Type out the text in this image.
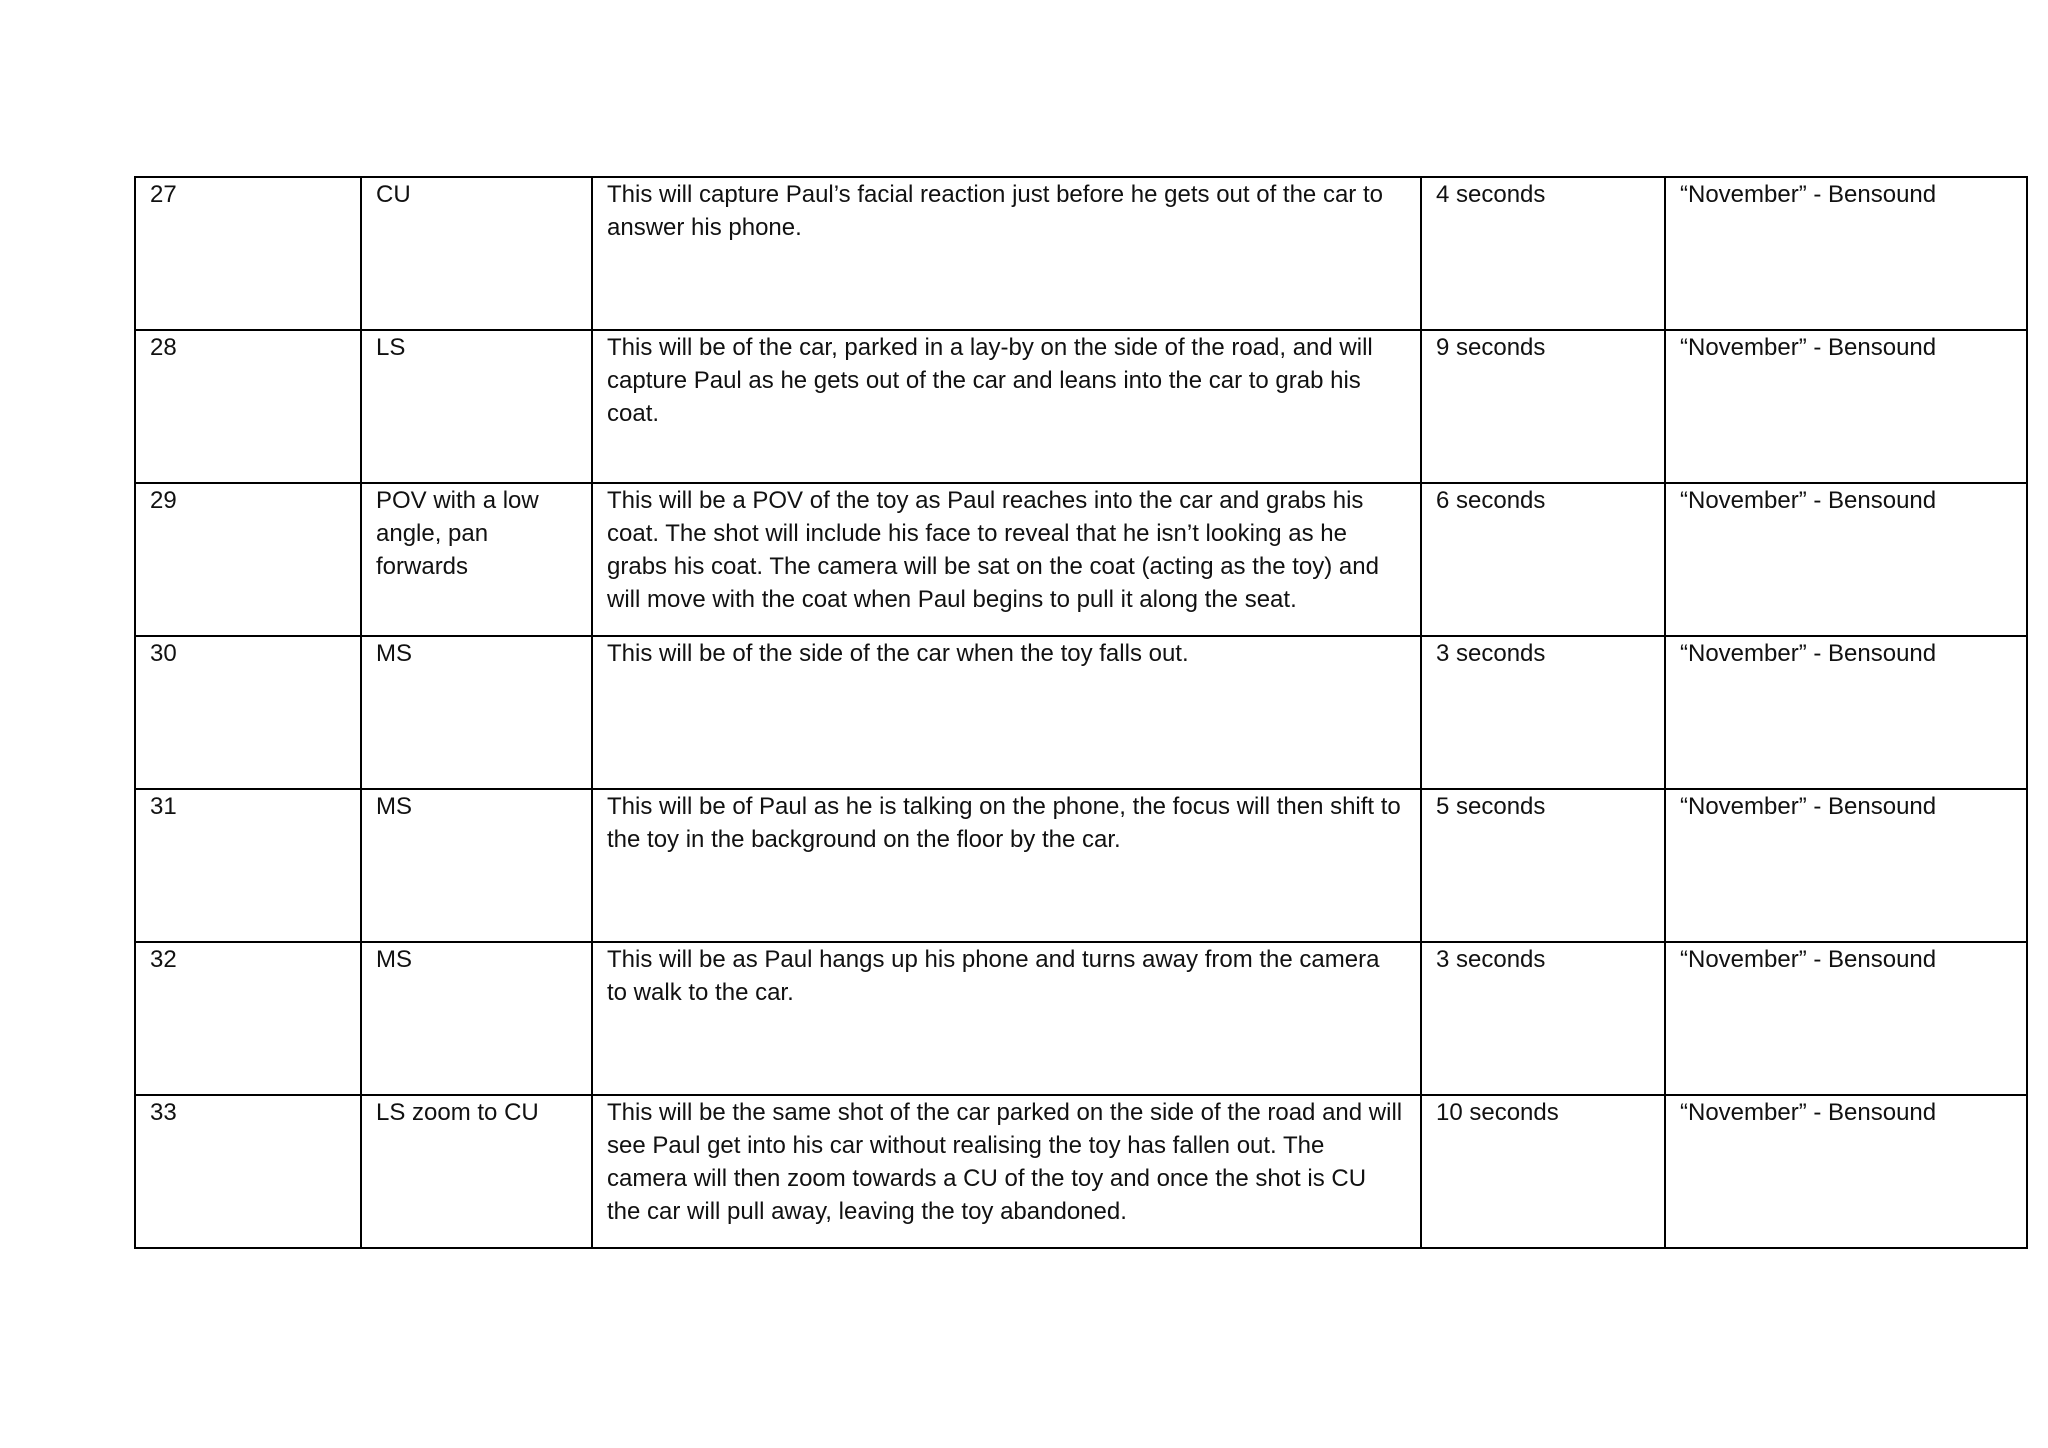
27	CU	This will capture Paul’s facial reaction just before he gets out of the car to answer his phone.	4 seconds	“November” - Bensound

28	LS	This will be of the car, parked in a lay-by on the side of the road, and will capture Paul as he gets out of the car and leans into the car to grab his coat.	9 seconds	“November” - Bensound

29	POV with a low angle, pan forwards	This will be a POV of the toy as Paul reaches into the car and grabs his coat. The shot will include his face to reveal that he isn’t looking as he grabs his coat. The camera will be sat on the coat (acting as the toy) and will move with the coat when Paul begins to pull it along the seat.	6 seconds	“November” - Bensound

30	MS	This will be of the side of the car when the toy falls out.	3 seconds	“November” - Bensound

31	MS	This will be of Paul as he is talking on the phone, the focus will then shift to the toy in the background on the floor by the car.	5 seconds	“November” - Bensound

32	MS	This will be as Paul hangs up his phone and turns away from the camera to walk to the car.	3 seconds	“November” - Bensound

33	LS zoom to CU	This will be the same shot of the car parked on the side of the road and will see Paul get into his car without realising the toy has fallen out. The camera will then zoom towards a CU of the toy and once the shot is CU the car will pull away, leaving the toy abandoned.	10 seconds	“November” - Bensound
